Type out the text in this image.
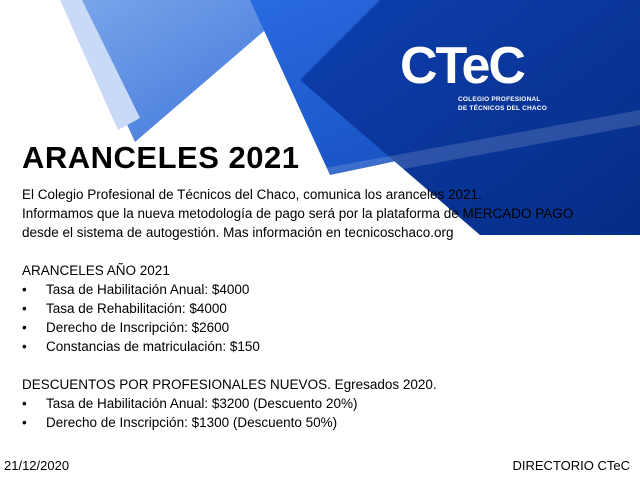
CTeC
COLEGIO PROFESIONAL
DE TÉCNICOS DEL CHACO
ARANCELES 2021

El Colegio Profesional de Técnicos del Chaco, comunica los aranceles 2021.

Informamos que la nueva metodología de pago será por la plataforma de MERCADO PAGO

desde el sistema de autogestión. Mas información en tecnicoschaco.org

ARANCELES AÑO 2021

• Tasa de Habilitación Anual: $4000
• Tasa de Rehabilitación: $4000
• Derecho de Inscripción: $2600
• Constancias de matriculación: $150

DESCUENTOS POR PROFESIONALES NUEVOS. Egresados 2020.

• Tasa de Habilitación Anual: $3200 (Descuento 20%)
• Derecho de Inscripción: $1300 (Descuento 50%)
21/12/2020	DIRECTORIO CTeC
